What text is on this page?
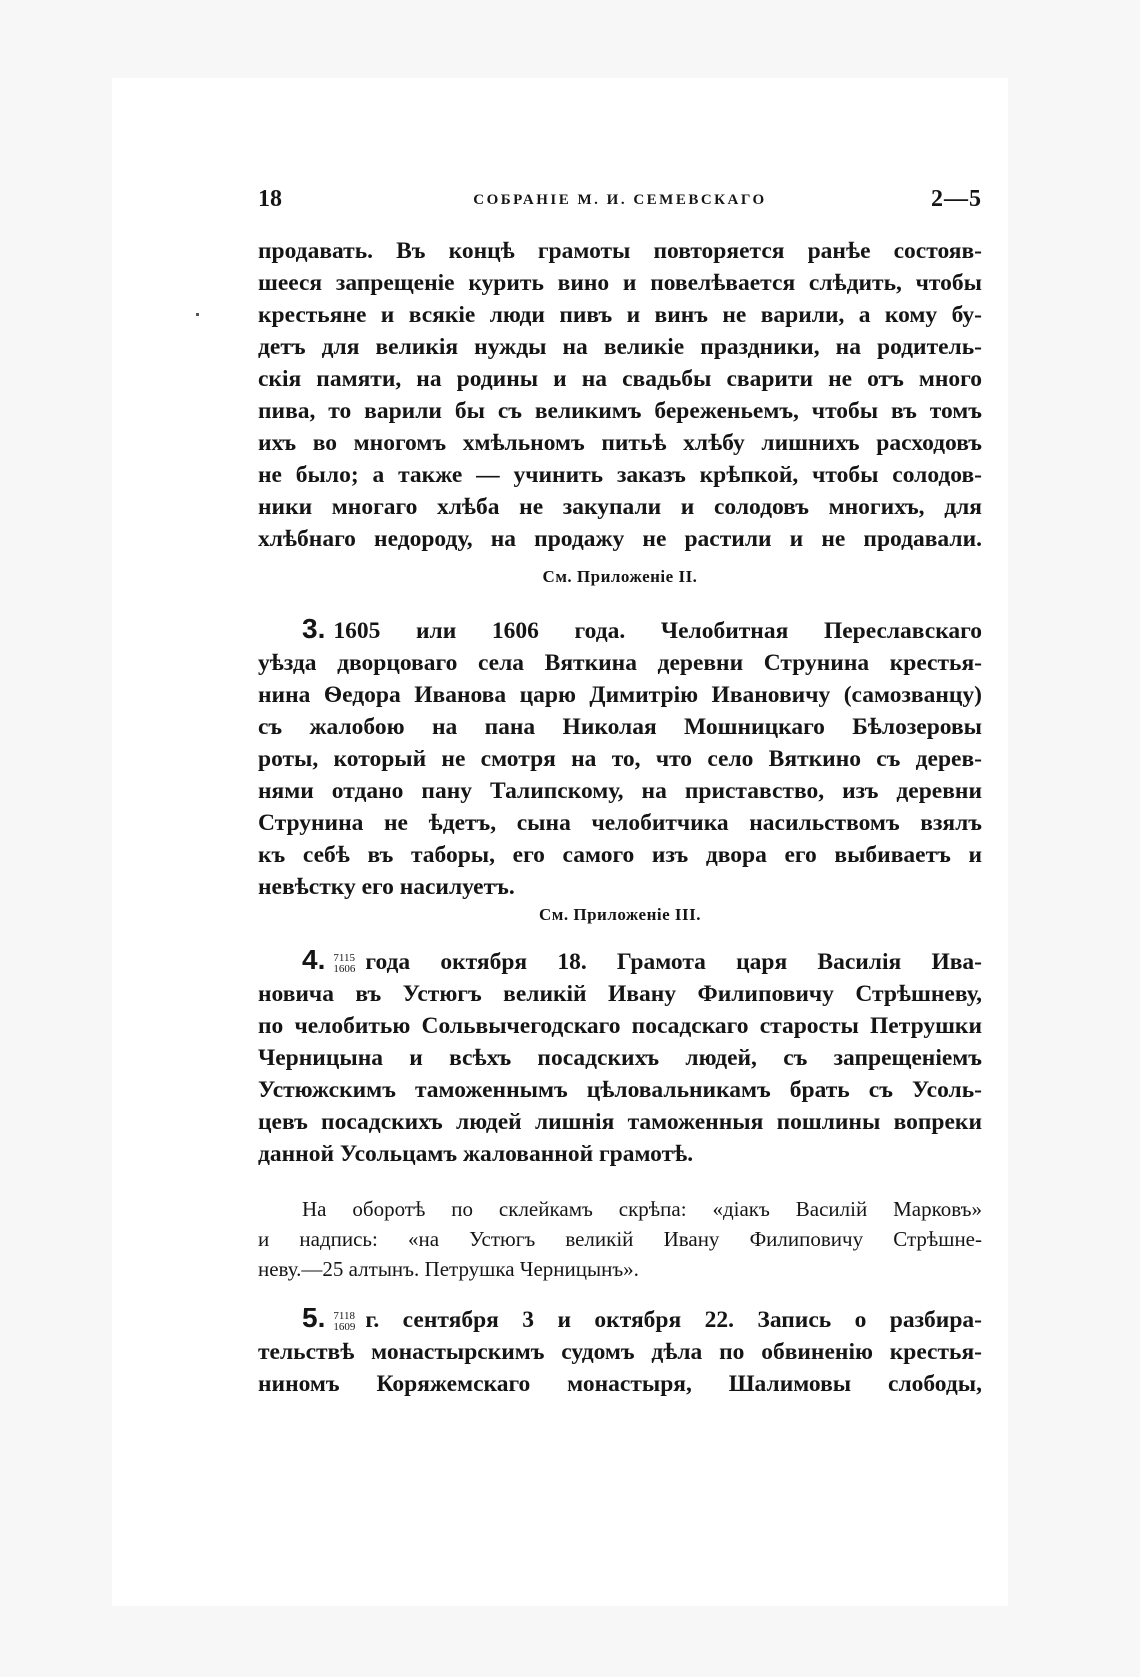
18	СОБРАНІЕ М. И. СЕМЕВСКАГО	2—5
продавать. Въ концѣ грамоты повторяется ранѣе состояв-
шееся запрещеніе курить вино и повелѣвается слѣдить, чтобы
крестьяне и всякіе люди пивъ и винъ не варили, а кому бу-
детъ для великія нужды на великіе праздники, на родитель-
скія памяти, на родины и на свадьбы сварити не отъ много
пива, то варили бы съ великимъ береженьемъ, чтобы въ томъ
ихъ во многомъ хмѣльномъ питьѣ хлѣбу лишнихъ расходовъ
не было; а также — учинить заказъ крѣпкой, чтобы солодов-
ники многаго хлѣба не закупали и солодовъ многихъ, для
хлѣбнаго недороду, на продажу не растили и не продавали.
См. Приложеніе II.
3. 1605 или 1606 года. Челобитная Переславскаго
уѣзда дворцоваго села Вяткина деревни Струнина крестья-
нина Ѳедора Иванова царю Димитрію Ивановичу (самозванцу)
съ жалобою на пана Николая Мошницкаго Бѣлозеровы
роты, который не смотря на то, что село Вяткино съ дерев-
нями отдано пану Талипскому, на приставство, изъ деревни
Струнина не ѣдетъ, сына челобитчика насильствомъ взялъ
къ себѣ въ таборы, его самого изъ двора его выбиваетъ и
невѣстку его насилуетъ.
См. Приложеніе III.
4. 7115
1606 года октября 18. Грамота царя Василія Ива-
новича въ Устюгъ великій Ивану Филиповичу Стрѣшневу,
по челобитью Сольвычегодскаго посадскаго старосты Петрушки
Черницына и всѣхъ посадскихъ людей, съ запрещеніемъ
Устюжскимъ таможеннымъ цѣловальникамъ брать съ Усоль-
цевъ посадскихъ людей лишнія таможенныя пошлины вопреки
данной Усольцамъ жалованной грамотѣ.
На оборотѣ по склейкамъ скрѣпа: «діакъ Василій Марковъ»
и надпись: «на Устюгъ великій Ивану Филиповичу Стрѣшне-
неву.—25 алтынъ. Петрушка Черницынъ».
5. 7118
1609 г. сентября 3 и октября 22. Запись о разбира-
тельствѣ монастырскимъ судомъ дѣла по обвиненію крестья-
ниномъ Коряжемскаго монастыря, Шалимовы слободы,
